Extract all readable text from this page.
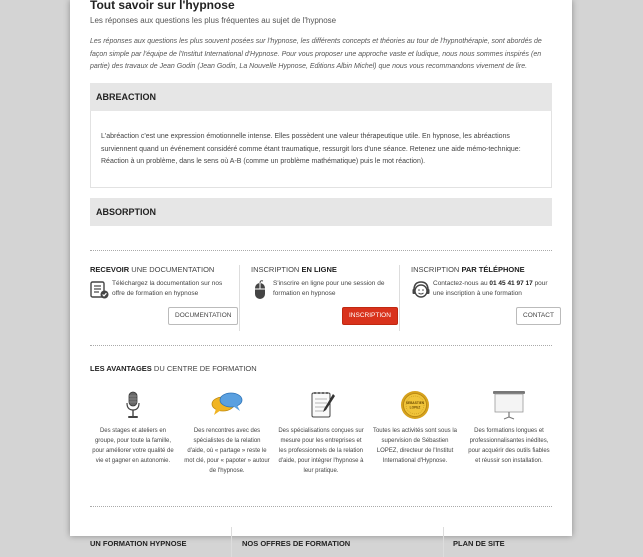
Tout savoir sur l'hypnose
Les réponses aux questions les plus fréquentes au sujet de l'hypnose
Les réponses aux questions les plus souvent posées sur l'hypnose, les différents concepts et théories au tour de l'hypnothérapie, sont abordés de façon simple par l'équipe de l'Institut International d'Hypnose. Pour vous proposer une approche vaste et ludique, nous nous sommes inspirés (en partie) des travaux de Jean Godin (Jean Godin, La Nouvelle Hypnose, Editions Albin Michel) que nous vous recommandons vivement de lire.
ABREACTION
L'abréaction c'est une expression émotionnelle intense. Elles possèdent une valeur thérapeutique utile. En hypnose, les abréactions surviennent quand un événement considéré comme étant traumatique, ressurgit lors d'une séance. Retenez une aide mémo-technique: Réaction à un problème, dans le sens où A-B (comme un problème mathématique) puis le mot réaction).
ABSORPTION
RECEVOIR UNE DOCUMENTATION
Téléchargez la documentation sur nos offre de formation en hypnose
DOCUMENTATION
INSCRIPTION EN LIGNE
S'inscrire en ligne pour une session de formation en hypnose
INSCRIPTION
INSCRIPTION PAR TÉLÉPHONE
Contactez-nous au 01 45 41 97 17 pour une inscription à une formation
CONTACT
LES AVANTAGES DU CENTRE DE FORMATION
Des stages et ateliers en groupe, pour toute la famille, pour améliorer votre qualité de vie et gagner en autonomie.
Des rencontres avec des spécialistes de la relation d'aide, où « partage » reste le mot clé, pour « papoter » autour de l'hypnose.
Des spécialisations conçues sur mesure pour les entreprises et les professionnels de la relation d'aide, pour intégrer l'hypnose à leur pratique.
SEBASTIEN
LOPEZ
Toutes les activités sont sous la supervision de Sébastien LOPEZ, directeur de l'Institut International d'Hypnose.
Des formations longues et professionnalisantes inédites, pour acquérir des outils fiables et réussir son installation.
UN FORMATION HYPNOSE	NOS OFFRES DE FORMATION	PLAN DE SITE
